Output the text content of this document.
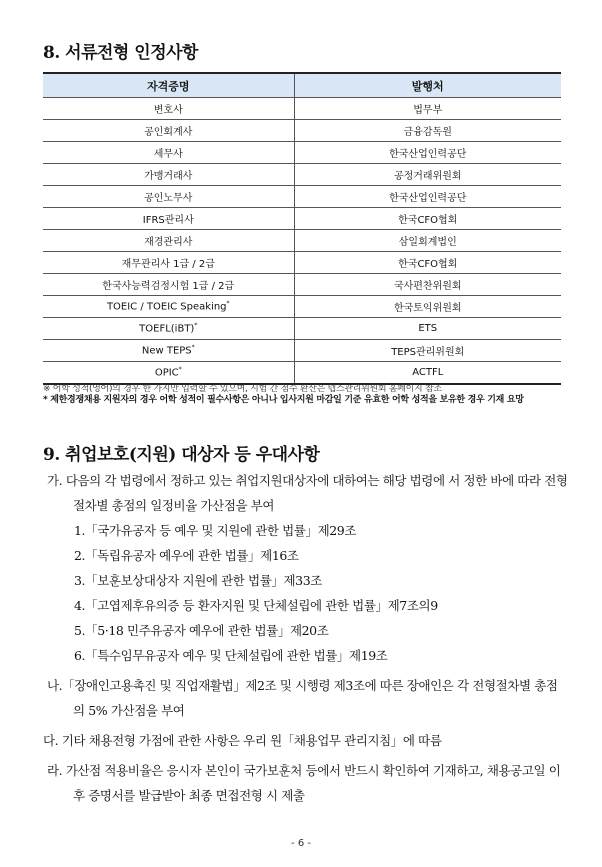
8. 서류전형 인정사항
자격증명	발행처
변호사	법무부
공인회계사	금융감독원
세무사	한국산업인력공단
가맹거래사	공정거래위원회
공인노무사	한국산업인력공단
IFRS관리사	한국CFO협회
재경관리사	삼일회계법인
재무관리사 1급 / 2급	한국CFO협회
한국사능력검정시험 1급 / 2급	국사편찬위원회
TOEIC / TOEIC Speaking*	한국토익위원회
TOEFL(iBT)*	ETS
New TEPS*	TEPS관리위원회
OPIC*	ACTFL
※ 어학 성적(영어)의 경우 한 가지만 입력할 수 있으며, 시험 간 점수 환산은 텝스관리위원회 홈페이지 참조
* 제한경쟁채용 지원자의 경우 어학 성적이 필수사항은 아니나 입사지원 마감일 기준 유효한 어학 성적을 보유한 경우 기재 요망
9. 취업보호(지원) 대상자 등 우대사항
가. 다음의 각 법령에서 정하고 있는 취업지원대상자에 대하여는 해당 법령에 서 정한 바에 따라 전형절차별 총점의 일정비율 가산점을 부여
1.「국가유공자 등 예우 및 지원에 관한 법률」제29조
2.「독립유공자 예우에 관한 법률」제16조
3.「보훈보상대상자 지원에 관한 법률」제33조
4.「고엽제후유의증 등 환자지원 및 단체설립에 관한 법률」제7조의9
5.「5·18 민주유공자 예우에 관한 법률」제20조
6.「특수임무유공자 예우 및 단체설립에 관한 법률」제19조
나.「장애인고용촉진 및 직업재활법」제2조 및 시행령 제3조에 따른 장애인은 각 전형절차별 총점의 5% 가산점을 부여
다. 기타 채용전형 가점에 관한 사항은 우리 원「채용업무 관리지침」에 따름
라. 가산점 적용비율은 응시자 본인이 국가보훈처 등에서 반드시 확인하여 기재하고, 채용공고일 이후 증명서를 발급받아 최종 면접전형 시 제출
- 6 -
